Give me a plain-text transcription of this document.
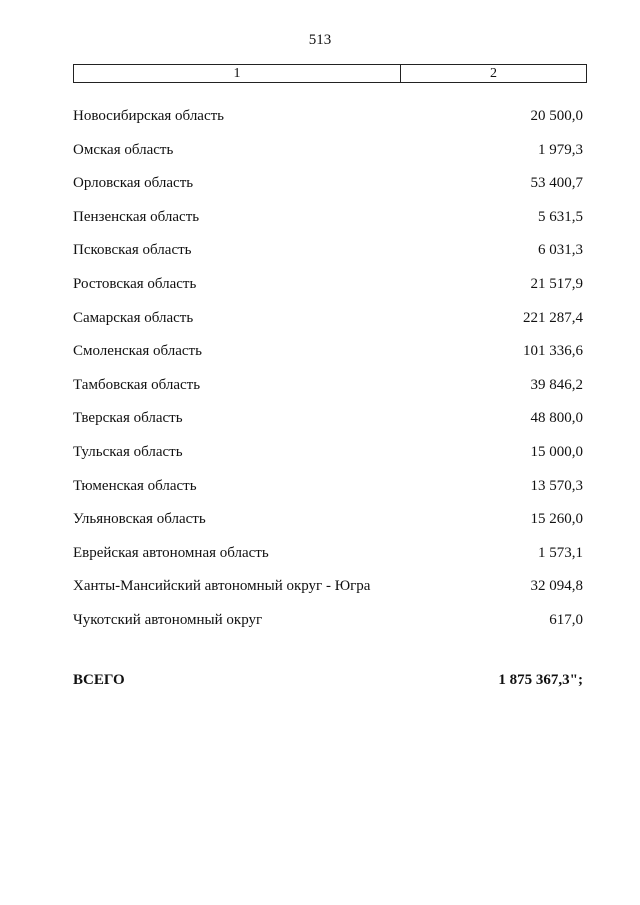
513
1	2
Новосибирская область	20 500,0
Омская область	1 979,3
Орловская область	53 400,7
Пензенская область	5 631,5
Псковская область	6 031,3
Ростовская область	21 517,9
Самарская область	221 287,4
Смоленская область	101 336,6
Тамбовская область	39 846,2
Тверская область	48 800,0
Тульская область	15 000,0
Тюменская область	13 570,3
Ульяновская область	15 260,0
Еврейская автономная область	1 573,1
Ханты-Мансийский автономный округ - Югра	32 094,8
Чукотский автономный округ	617,0
ВСЕГО	1 875 367,3";
